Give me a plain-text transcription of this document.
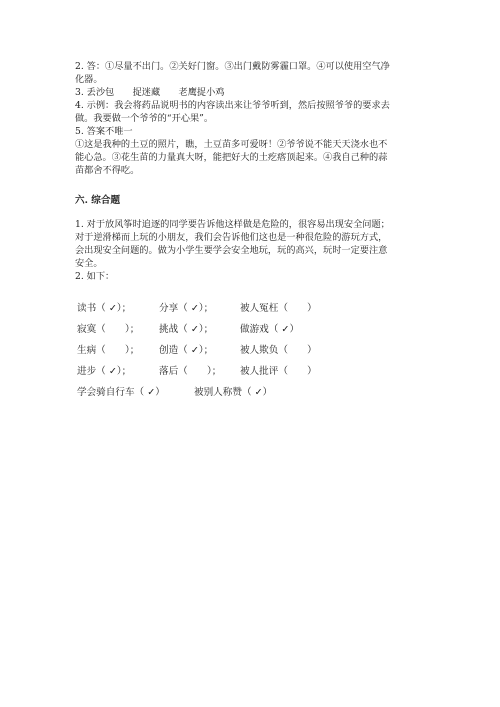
2. 答：①尽量不出门。②关好门窗。③出门戴防雾霾口罩。④可以使用空气净
化器。
3. 丢沙包　　捉迷藏　　老鹰捉小鸡
4. 示例：我会将药品说明书的内容读出来让爷爷听到，然后按照爷爷的要求去
做。我要做一个爷爷的“开心果”。
5. 答案不唯一
①这是我种的土豆的照片，瞧，土豆苗多可爱呀！②爷爷说不能天天浇水也不
能心急。③花生苗的力量真大呀，能把好大的土疙瘩顶起来。④我自己种的蒜
苗都舍不得吃。
六. 综合题
1. 对于放风筝时追逐的同学要告诉他这样做是危险的，很容易出现安全问题；
对于逆滑梯而上玩的小朋友，我们会告诉他们这也是一种很危险的游玩方式，
会出现安全问题的。做为小学生要学会安全地玩，玩的高兴，玩时一定要注意
安全。
2. 如下：
读书（ ✓）；	分享（ ✓）；	被人冤枉（　　）
寂寞（　　）； 挑战（ ✓）；	做游戏（ ✓）
生病（　　）； 创造（ ✓）；	被人欺负（　　）
进步（ ✓）；	落后（　　）； 被人批评（　　）
学会骑自行车（ ✓）	被别人称赞（ ✓）
